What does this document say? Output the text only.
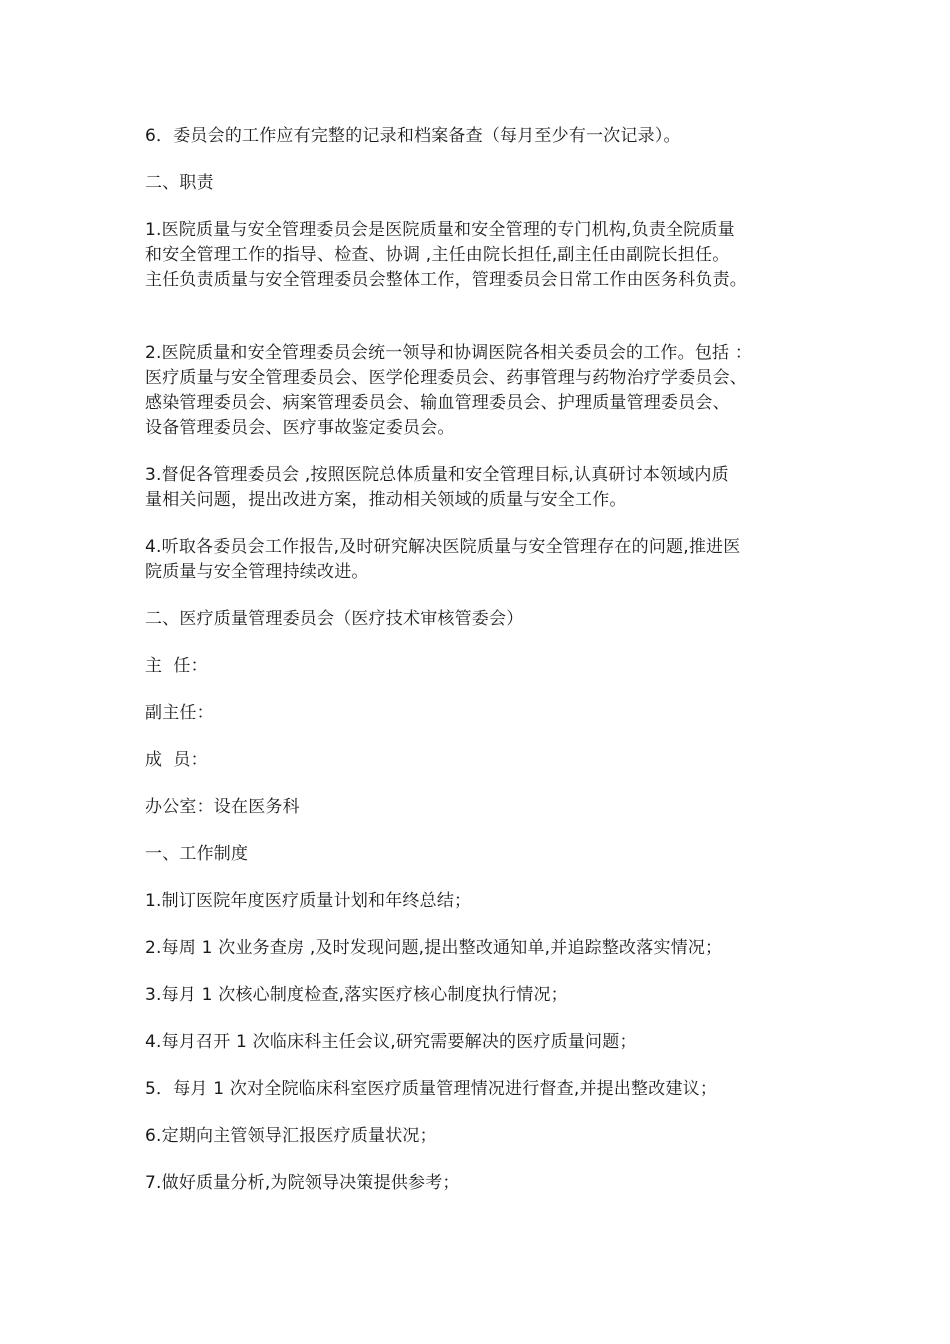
6．委员会的工作应有完整的记录和档案备查（每月至少有一次记录）。

二、职责

1.医院质量与安全管理委员会是医院质量和安全管理的专门机构,负责全院质量
和安全管理工作的指导、检查、协调 ,主任由院长担任,副主任由副院长担任。
主任负责质量与安全管理委员会整体工作，管理委员会日常工作由医务科负责。

2.医院质量和安全管理委员会统一领导和协调医院各相关委员会的工作。包括 ：
医疗质量与安全管理委员会、医学伦理委员会、药事管理与药物治疗学委员会、
感染管理委员会、病案管理委员会、输血管理委员会、护理质量管理委员会、
设备管理委员会、医疗事故鉴定委员会。

3.督促各管理委员会 ,按照医院总体质量和安全管理目标,认真研讨本领域内质
量相关问题，提出改进方案，推动相关领域的质量与安全工作。

4.听取各委员会工作报告,及时研究解决医院质量与安全管理存在的问题,推进医
院质量与安全管理持续改进。

二、医疗质量管理委员会（医疗技术审核管委会）

主  任：

副主任：

成  员：

办公室：设在医务科

一、工作制度

1.制订医院年度医疗质量计划和年终总结；

2.每周 1 次业务查房 ,及时发现问题,提出整改通知单,并追踪整改落实情况；

3.每月 1 次核心制度检查,落实医疗核心制度执行情况；

4.每月召开 1 次临床科主任会议,研究需要解决的医疗质量问题；

5．每月 1 次对全院临床科室医疗质量管理情况进行督查,并提出整改建议；

6.定期向主管领导汇报医疗质量状况；

7.做好质量分析,为院领导决策提供参考；
